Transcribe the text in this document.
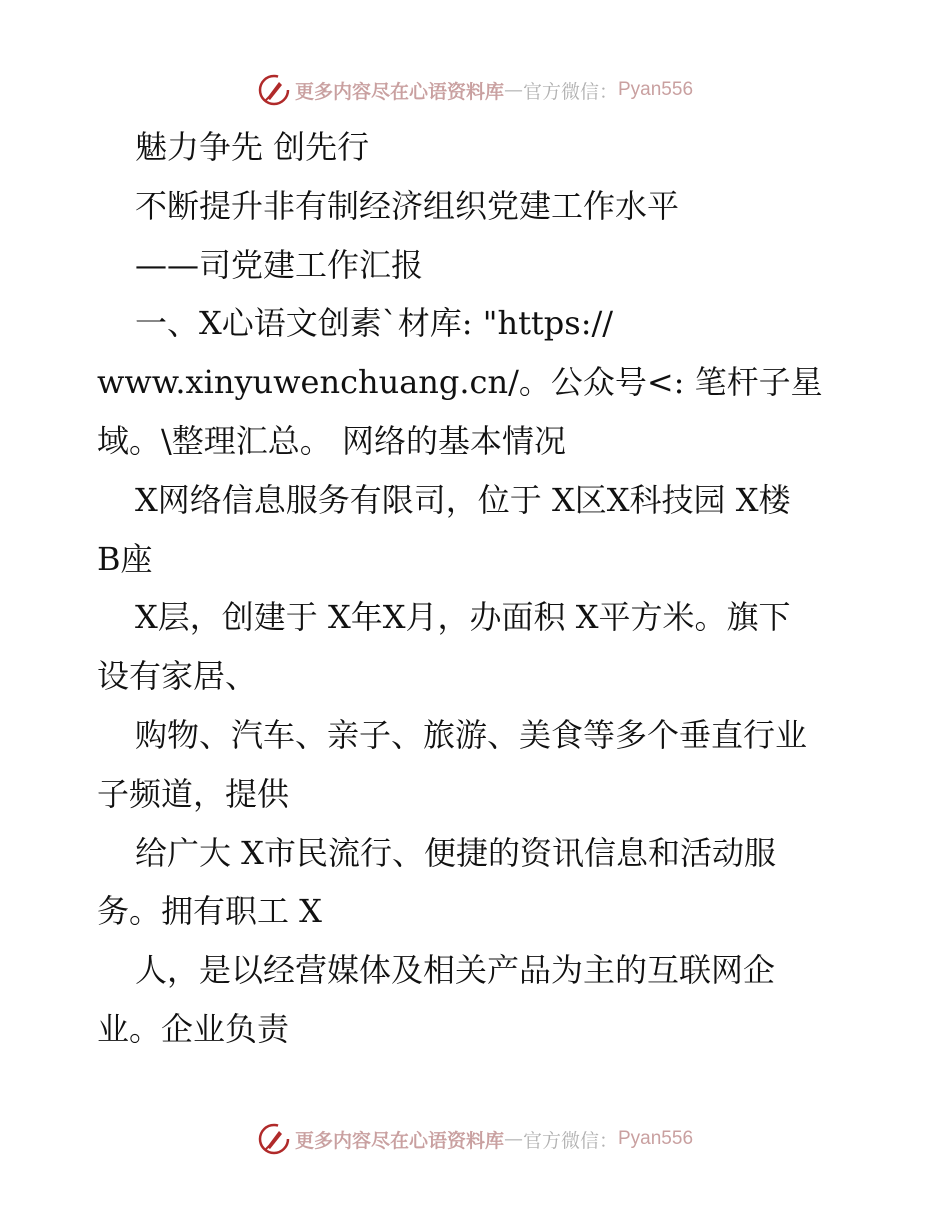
更多内容尽在心语资料库 — 官方微信： Pyan556
魅力争先 创先行
不断提升非有制经济组织党建工作水平
——司党建工作汇报
一、X心语文创素`材库: "https://
www.xinyuwenchuang.cn/。公众号<: 笔杆子星
域。\整理汇总。 网络的基本情况
X网络信息服务有限司，位于 X区X科技园 X楼
B座
X层，创建于 X年X月，办面积 X平方米。旗下
设有家居、
购物、汽车、亲子、旅游、美食等多个垂直行业
子频道，提供
给广大 X市民流行、便捷的资讯信息和活动服
务。拥有职工 X
人，是以经营媒体及相关产品为主的互联网企
业。企业负责
更多内容尽在心语资料库 — 官方微信： Pyan556
